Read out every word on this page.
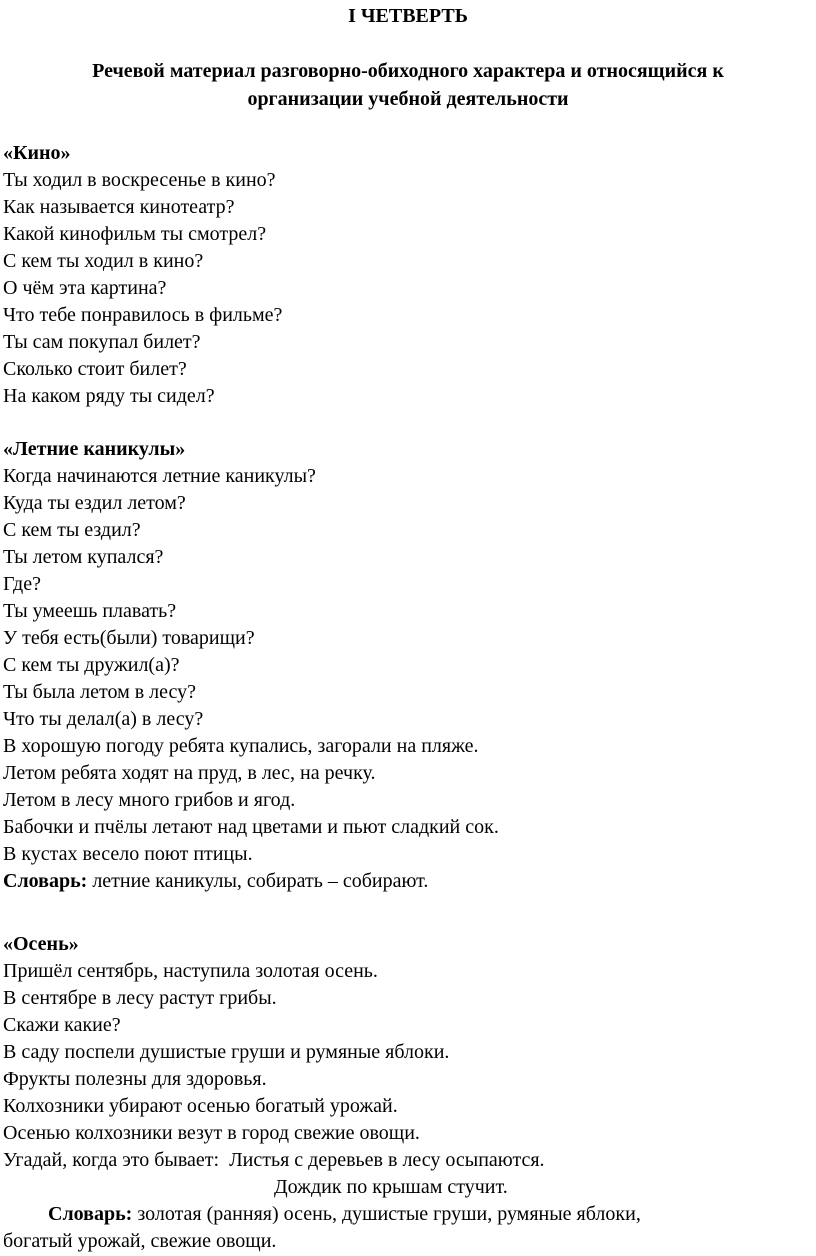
I ЧЕТВЕРТЬ
Речевой материал разговорно-обиходного характера и относящийся к
организации учебной деятельности
«Кино»
Ты ходил в воскресенье в кино?
Как называется кинотеатр?
Какой кинофильм ты смотрел?
С кем ты ходил в кино?
О чём эта картина?
Что тебе понравилось в фильме?
Ты сам покупал билет?
Сколько стоит билет?
На каком ряду ты сидел?
«Летние каникулы»
Когда начинаются летние каникулы?
Куда ты ездил летом?
С кем ты ездил?
Ты летом купался?
Где?
Ты умеешь плавать?
У тебя есть(были) товарищи?
С кем ты дружил(а)?
Ты была летом в лесу?
Что ты делал(а) в лесу?
В хорошую погоду ребята купались, загорали на пляже.
Летом ребята ходят на пруд, в лес, на речку.
Летом в лесу много грибов и ягод.
Бабочки и пчёлы летают над цветами и пьют сладкий сок.
В кустах весело поют птицы.
Словарь: летние каникулы, собирать – собирают.
«Осень»
Пришёл сентябрь, наступила золотая осень.
В сентябре в лесу растут грибы.
Скажи какие?
В саду поспели душистые груши и румяные яблоки.
Фрукты полезны для здоровья.
Колхозники убирают осенью богатый урожай.
Осенью колхозники везут в город свежие овощи.
Угадай, когда это бывает:  Листья с деревьев в лесу осыпаются.
Дождик по крышам стучит.
Словарь: золотая (ранняя) осень, душистые груши, румяные яблоки,
богатый урожай, свежие овощи.
